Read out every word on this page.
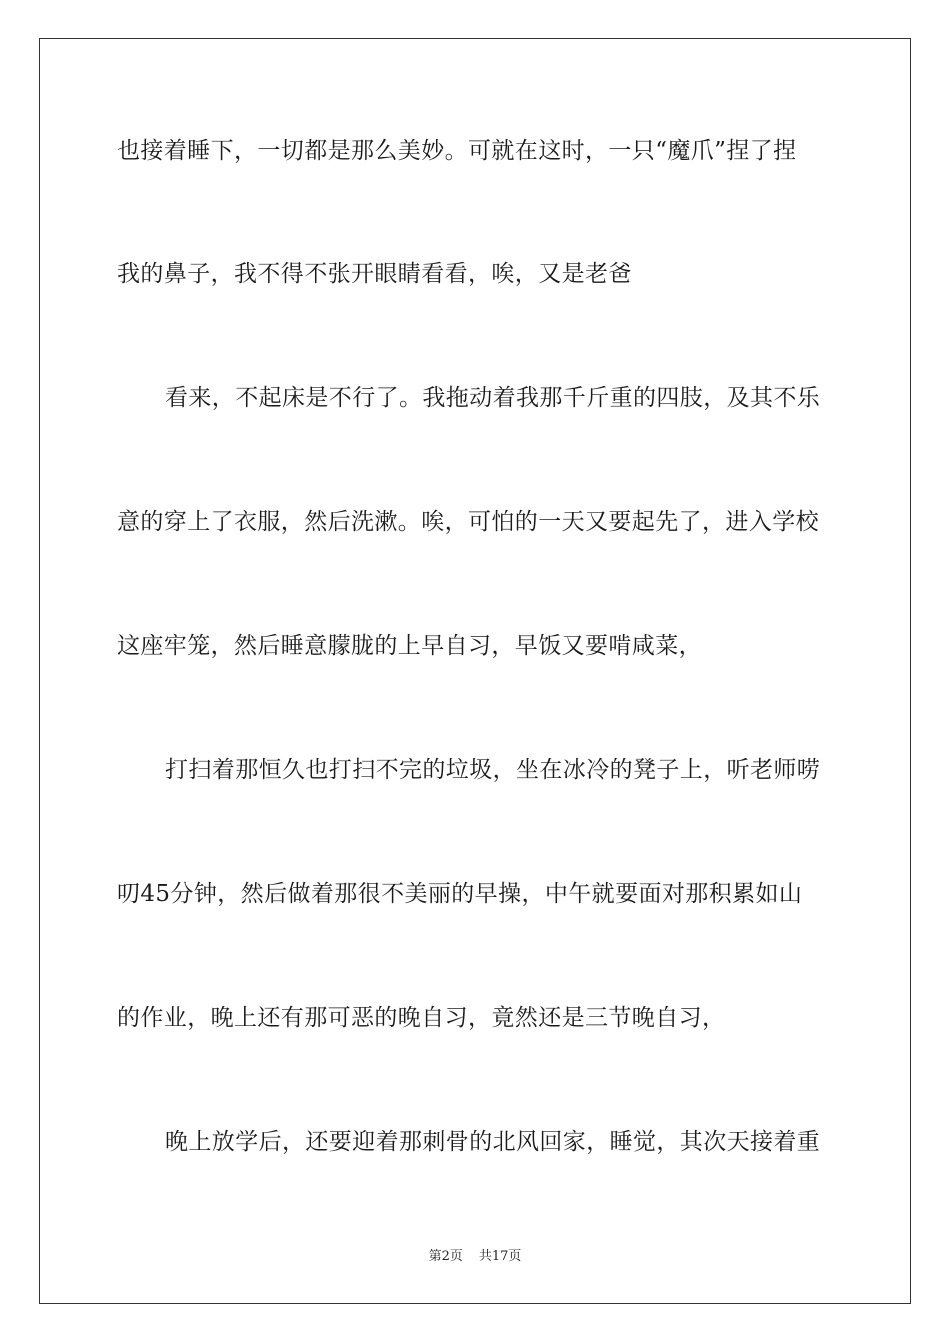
也接着睡下，一切都是那么美妙。可就在这时，一只“魔爪”捏了捏
我的鼻子，我不得不张开眼睛看看，唉，又是老爸
看来，不起床是不行了。我拖动着我那千斤重的四肢，及其不乐
意的穿上了衣服，然后洗漱。唉，可怕的一天又要起先了，进入学校
这座牢笼，然后睡意朦胧的上早自习，早饭又要啃咸菜，
打扫着那恒久也打扫不完的垃圾，坐在冰冷的凳子上，听老师唠
叨45分钟，然后做着那很不美丽的早操，中午就要面对那积累如山
的作业，晚上还有那可恶的晚自习，竟然还是三节晚自习，
晚上放学后，还要迎着那刺骨的北风回家，睡觉，其次天接着重
第2页 共17页
